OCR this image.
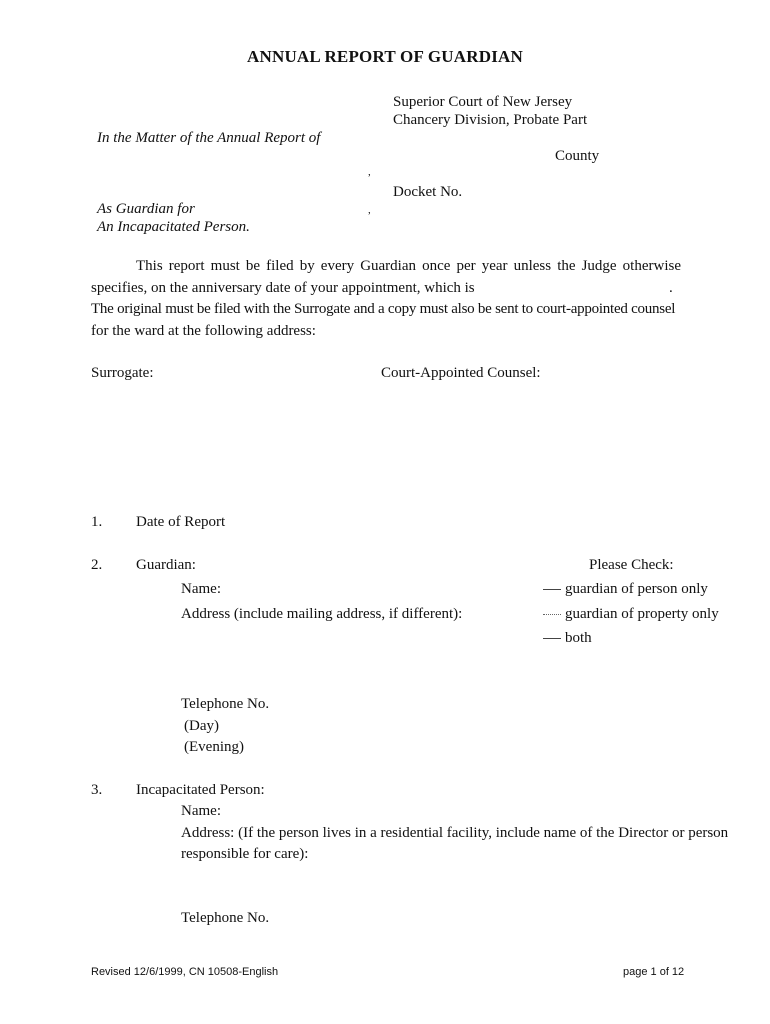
ANNUAL REPORT OF GUARDIAN
Superior Court of New Jersey
Chancery Division, Probate Part
County
Docket No.
In the Matter of the Annual Report of
,
,
As Guardian for
An Incapacitated Person.
This report must be filed by every Guardian once per year unless the Judge otherwise
specifies, on the anniversary date of your appointment, which is	.
The original must be filed with the Surrogate and a copy must also be sent to court-appointed counsel
for the ward at the following address:
Surrogate:	Court-Appointed Counsel:
1. Date of Report
2. Guardian:
Name:
Address (include mailing address, if different):
Please Check:
guardian of person only
guardian of property only
both
Telephone No.
(Day)
(Evening)
3. Incapacitated Person:
Name:
Address: (If the person lives in a residential facility, include name of the Director or person
responsible for care):
Telephone No.
Revised 12/6/1999, CN 10508-English	page 1 of 12
